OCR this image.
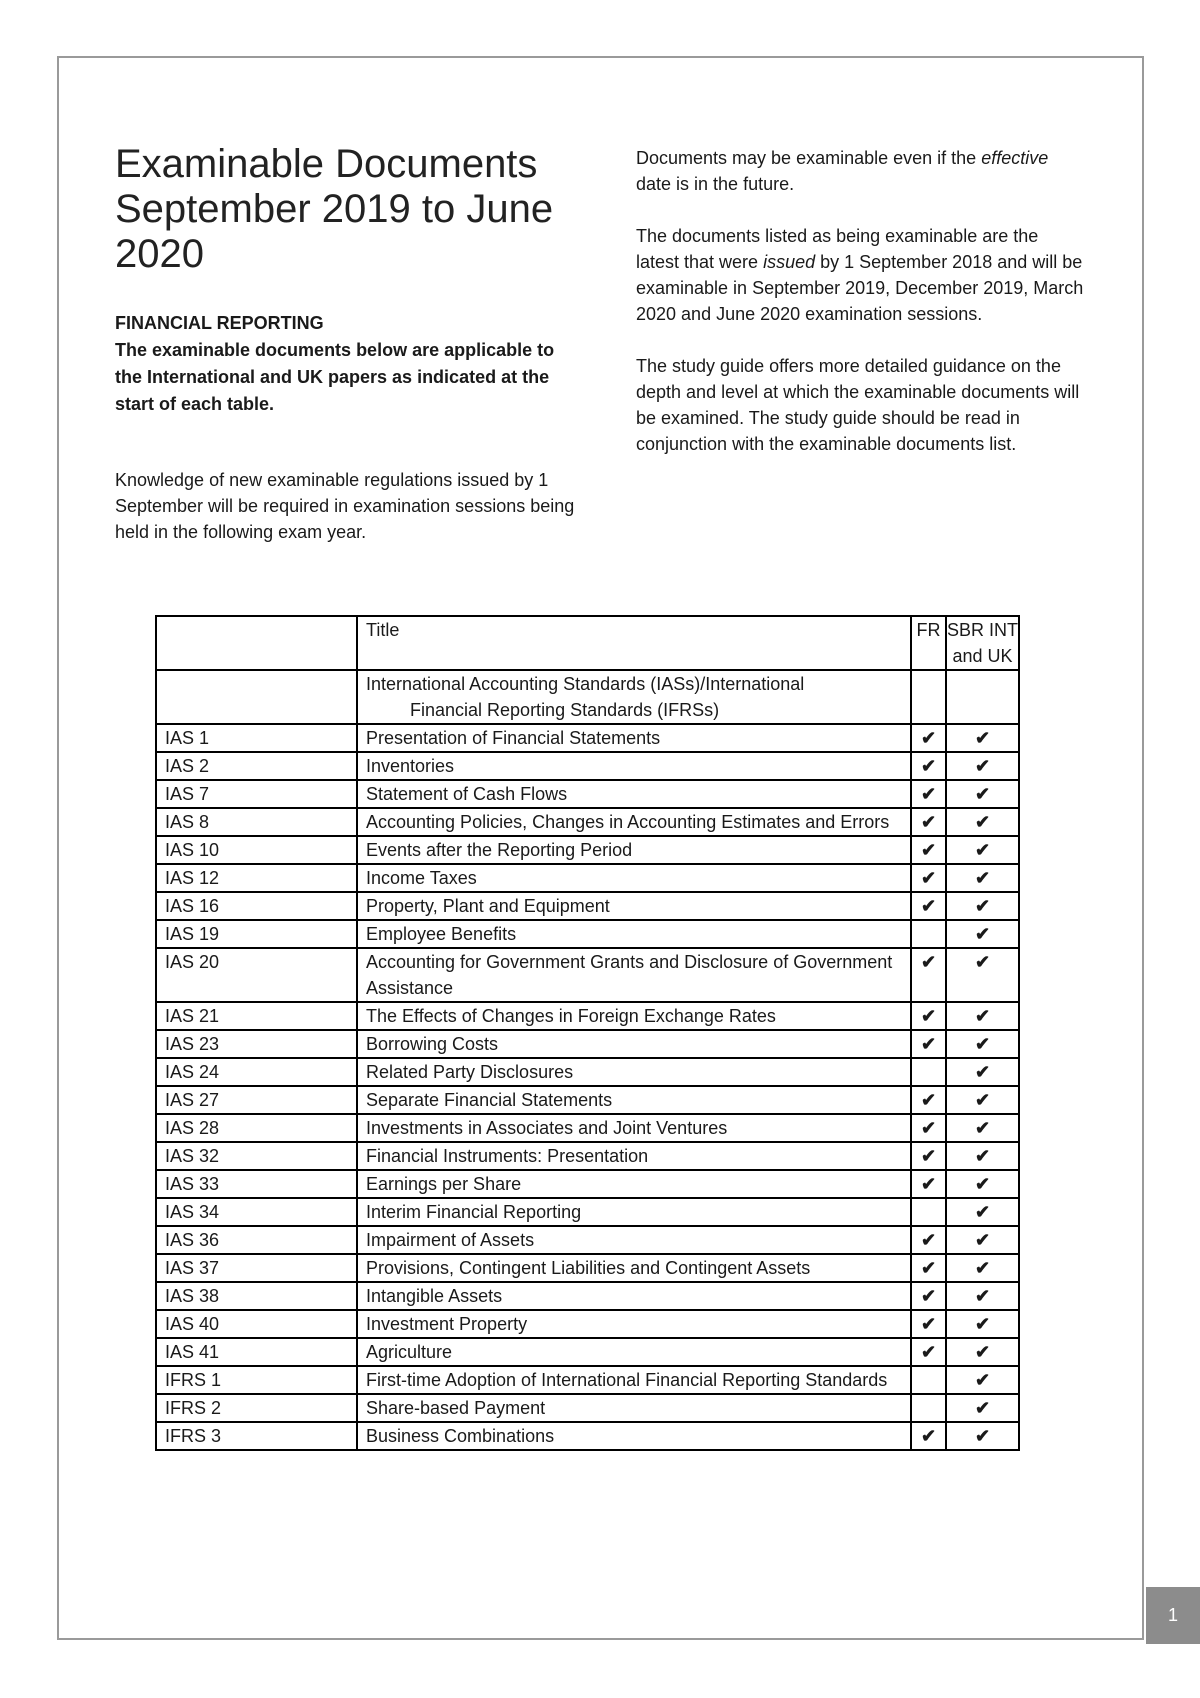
Examinable Documents September 2019 to June 2020
FINANCIAL REPORTING
The examinable documents below are applicable to the International and UK papers as indicated at the start of each table.

Knowledge of new examinable regulations issued by 1 September will be required in examination sessions being held in the following exam year.

Documents may be examinable even if the effective date is in the future.

The documents listed as being examinable are the latest that were issued by 1 September 2018 and will be examinable in September 2019, December 2019, March 2020 and June 2020 examination sessions.

The study guide offers more detailed guidance on the depth and level at which the examinable documents will be examined. The study guide should be read in conjunction with the examinable documents list.

	Title	FR	SBR INT and UK

	International Accounting Standards (IASs)/International
Financial Reporting Standards (IFRSs)		

IAS 1	Presentation of Financial Statements	✔	✔
IAS 2	Inventories	✔	✔
IAS 7	Statement of Cash Flows	✔	✔
IAS 8	Accounting Policies, Changes in Accounting Estimates and Errors	✔	✔
IAS 10	Events after the Reporting Period	✔	✔
IAS 12	Income Taxes	✔	✔
IAS 16	Property, Plant and Equipment	✔	✔
IAS 19	Employee Benefits		✔
IAS 20	Accounting for Government Grants and Disclosure of Government Assistance	✔	✔
IAS 21	The Effects of Changes in Foreign Exchange Rates	✔	✔
IAS 23	Borrowing Costs	✔	✔
IAS 24	Related Party Disclosures		✔
IAS 27	Separate Financial Statements	✔	✔
IAS 28	Investments in Associates and Joint Ventures	✔	✔
IAS 32	Financial Instruments: Presentation	✔	✔
IAS 33	Earnings per Share	✔	✔
IAS 34	Interim Financial Reporting		✔
IAS 36	Impairment of Assets	✔	✔
IAS 37	Provisions, Contingent Liabilities and Contingent Assets	✔	✔
IAS 38	Intangible Assets	✔	✔
IAS 40	Investment Property	✔	✔
IAS 41	Agriculture	✔	✔
IFRS 1	First-time Adoption of International Financial Reporting Standards		✔
IFRS 2	Share-based Payment		✔
IFRS 3	Business Combinations	✔	✔
1
